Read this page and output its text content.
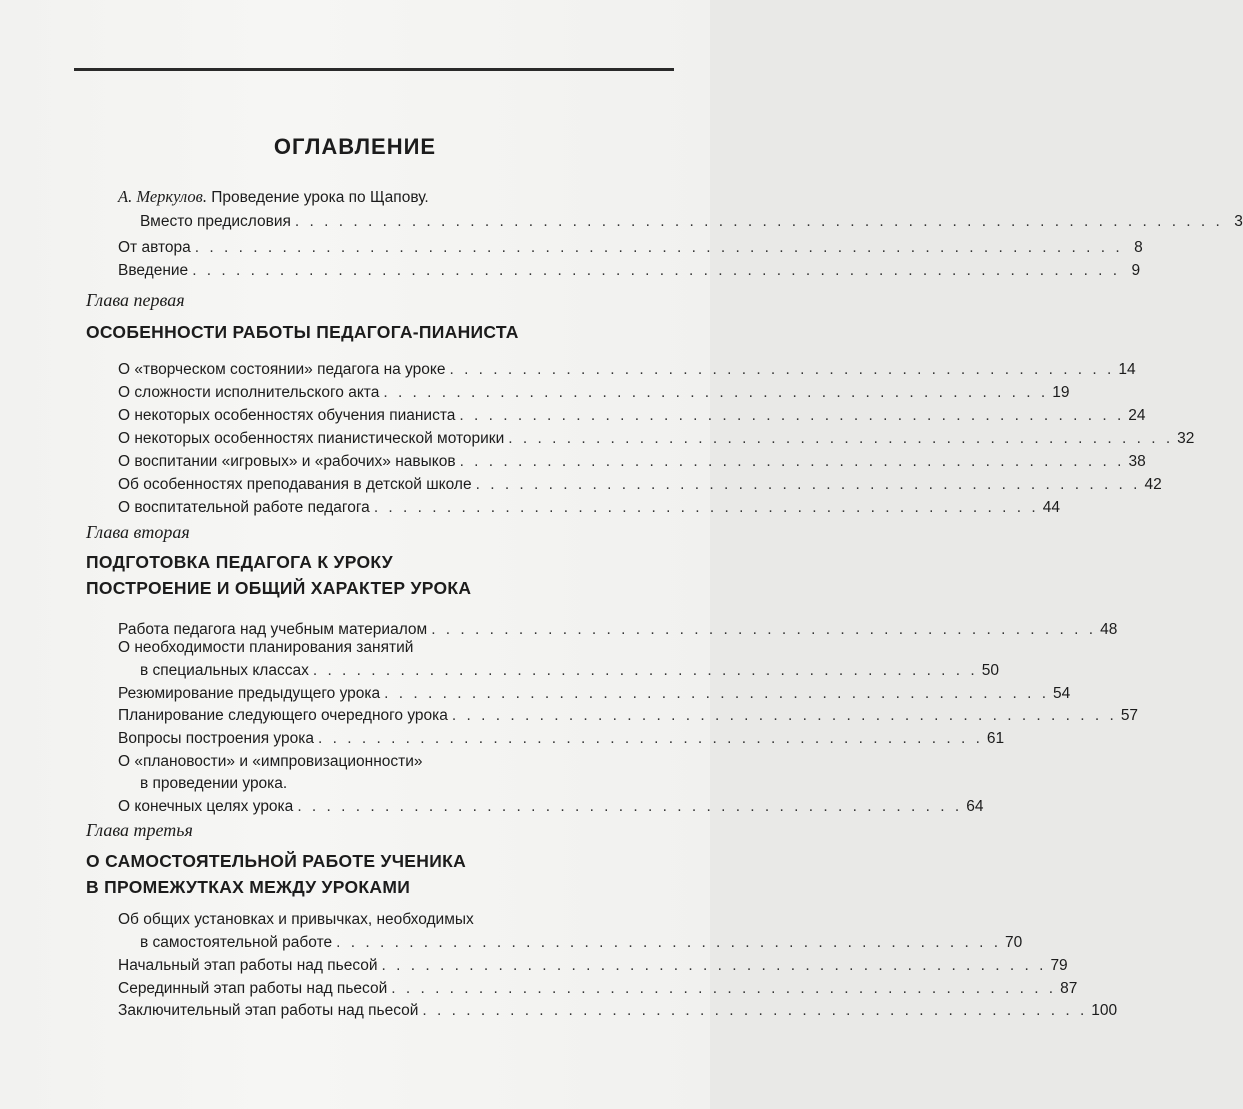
ОГЛАВЛЕНИЕ
А. Меркулов. Проведение урока по Щапову.
Вместо предисловия . . . . . . . . . . . . . . . . . . . . . . . . . . . . . . . . . . . . . . . . . . . . . . . . . . . . . . . . . . . . . . . . 3
От автора . . . . . . . . . . . . . . . . . . . . . . . . . . . . . . . . . . . . . . . . . . . . . . . . . . . . . . . . . . . . . . . . 8
Введение . . . . . . . . . . . . . . . . . . . . . . . . . . . . . . . . . . . . . . . . . . . . . . . . . . . . . . . . . . . . . . . . 9
Глава первая
ОСОБЕННОСТИ РАБОТЫ ПЕДАГОГА-ПИАНИСТА
О «творческом состоянии» педагога на уроке . . . . . . . . . . . . . . . . . . . . . . . . . . . . . . . . . . . . . . . . . . . . . . 14
О сложности исполнительского акта . . . . . . . . . . . . . . . . . . . . . . . . . . . . . . . . . . . . . . . . . . . . . . 19
О некоторых особенностях обучения пианиста . . . . . . . . . . . . . . . . . . . . . . . . . . . . . . . . . . . . . . . . . . . . . . 24
О некоторых особенностях пианистической моторики . . . . . . . . . . . . . . . . . . . . . . . . . . . . . . . . . . . . . . . . . . . . . . 32
О воспитании «игровых» и «рабочих» навыков . . . . . . . . . . . . . . . . . . . . . . . . . . . . . . . . . . . . . . . . . . . . . . 38
Об особенностях преподавания в детской школе . . . . . . . . . . . . . . . . . . . . . . . . . . . . . . . . . . . . . . . . . . . . . . 42
О воспитательной работе педагога . . . . . . . . . . . . . . . . . . . . . . . . . . . . . . . . . . . . . . . . . . . . . . 44
Глава вторая
ПОДГОТОВКА ПЕДАГОГА К УРОКУ
ПОСТРОЕНИЕ И ОБЩИЙ ХАРАКТЕР УРОКА
Работа педагога над учебным материалом . . . . . . . . . . . . . . . . . . . . . . . . . . . . . . . . . . . . . . . . . . . . . . 48
О необходимости планирования занятий
в специальных классах . . . . . . . . . . . . . . . . . . . . . . . . . . . . . . . . . . . . . . . . . . . . . . 50
Резюмирование предыдущего урока . . . . . . . . . . . . . . . . . . . . . . . . . . . . . . . . . . . . . . . . . . . . . . 54
Планирование следующего очередного урока . . . . . . . . . . . . . . . . . . . . . . . . . . . . . . . . . . . . . . . . . . . . . . 57
Вопросы построения урока . . . . . . . . . . . . . . . . . . . . . . . . . . . . . . . . . . . . . . . . . . . . . . 61
О «плановости» и «импровизационности»
в проведении урока.
О конечных целях урока . . . . . . . . . . . . . . . . . . . . . . . . . . . . . . . . . . . . . . . . . . . . . . 64
Глава третья
О САМОСТОЯТЕЛЬНОЙ РАБОТЕ УЧЕНИКА
В ПРОМЕЖУТКАХ МЕЖДУ УРОКАМИ
Об общих установках и привычках, необходимых
в самостоятельной работе . . . . . . . . . . . . . . . . . . . . . . . . . . . . . . . . . . . . . . . . . . . . . . 70
Начальный этап работы над пьесой . . . . . . . . . . . . . . . . . . . . . . . . . . . . . . . . . . . . . . . . . . . . . . 79
Серединный этап работы над пьесой . . . . . . . . . . . . . . . . . . . . . . . . . . . . . . . . . . . . . . . . . . . . . . 87
Заключительный этап работы над пьесой . . . . . . . . . . . . . . . . . . . . . . . . . . . . . . . . . . . . . . . . . . . . . . 100
